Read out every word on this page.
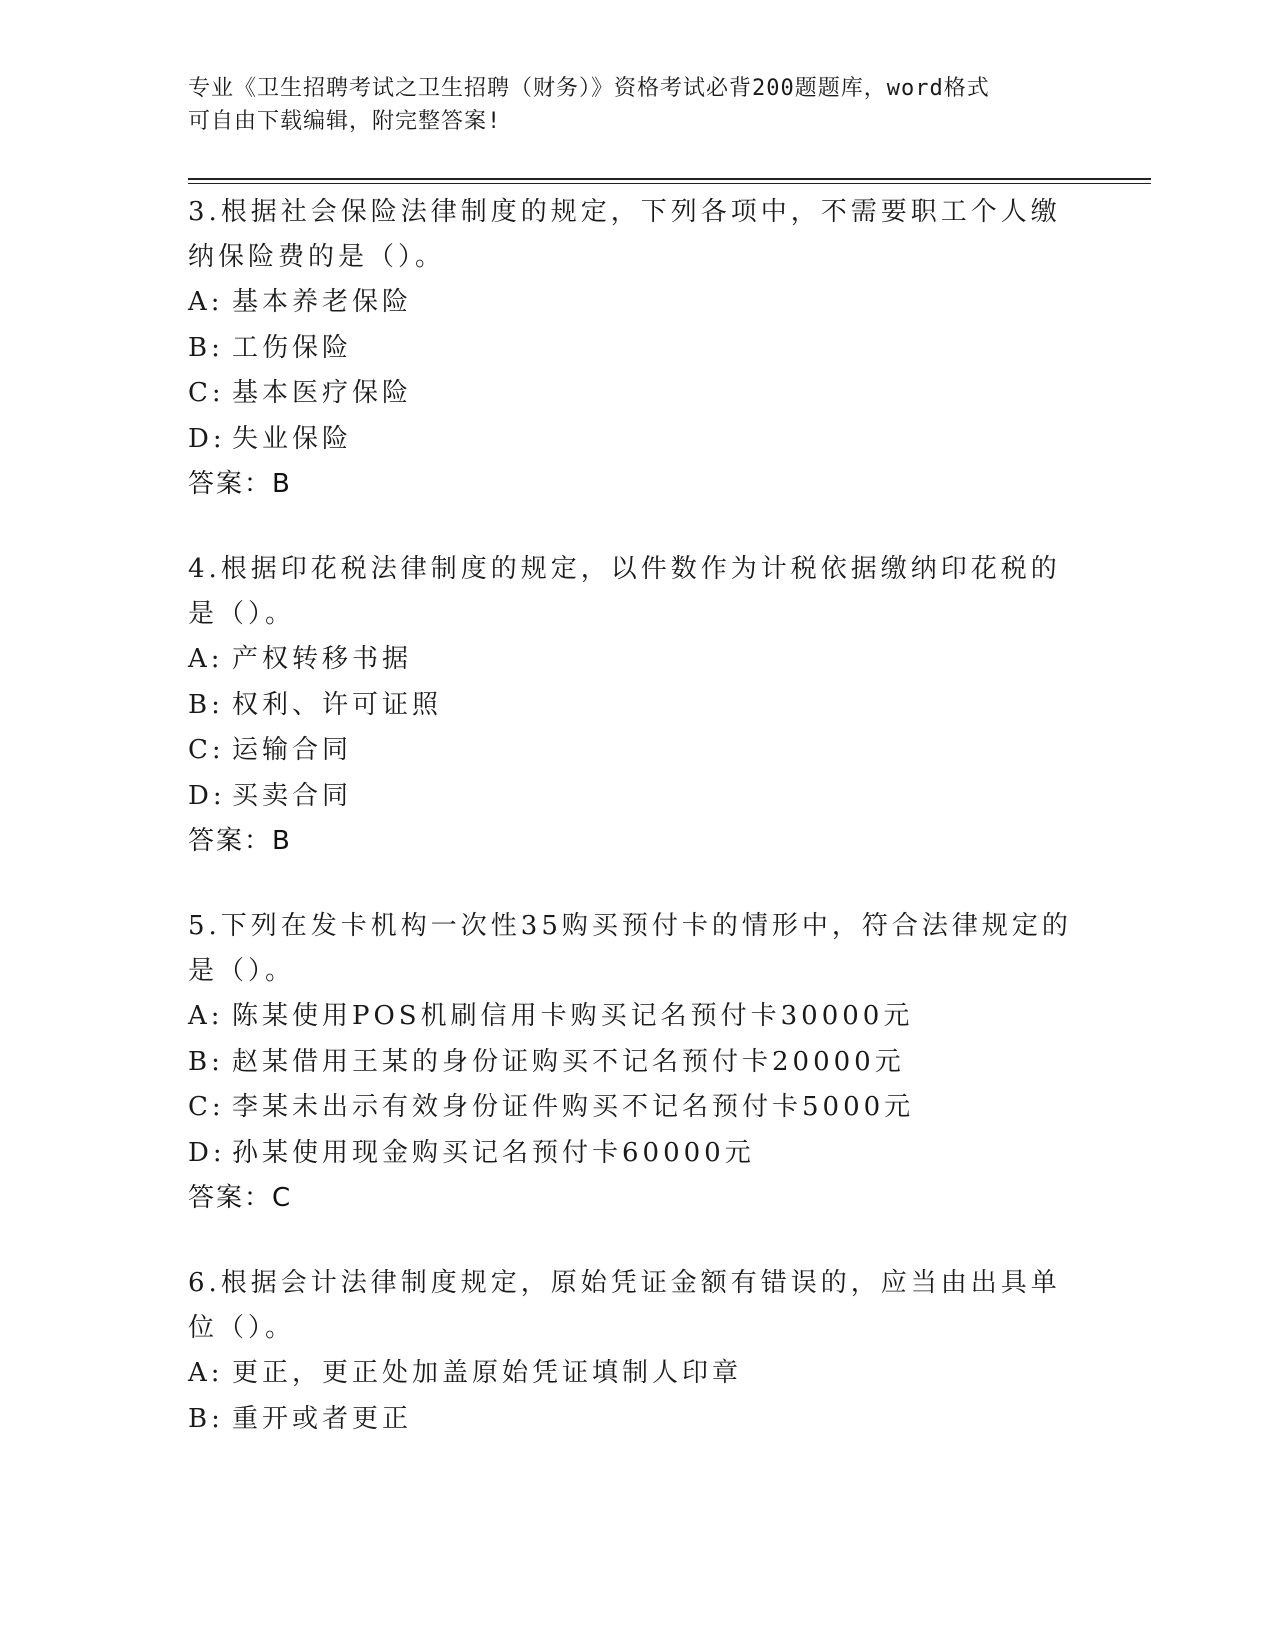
专业《卫生招聘考试之卫生招聘（财务）》资格考试必背200题题库，word格式
可自由下载编辑，附完整答案!

3.根据社会保险法律制度的规定，下列各项中，不需要职工个人缴纳保险费的是（）。

A: 基本养老保险
B: 工伤保险
C: 基本医疗保险
D: 失业保险
答案：B

4.根据印花税法律制度的规定，以件数作为计税依据缴纳印花税的是（）。

A: 产权转移书据
B: 权利、许可证照
C: 运输合同
D: 买卖合同
答案：B

5.下列在发卡机构一次性35购买预付卡的情形中，符合法律规定的是（）。

A: 陈某使用POS机刷信用卡购买记名预付卡30000元
B: 赵某借用王某的身份证购买不记名预付卡20000元
C: 李某未出示有效身份证件购买不记名预付卡5000元
D: 孙某使用现金购买记名预付卡60000元
答案：C

6.根据会计法律制度规定，原始凭证金额有错误的，应当由出具单位（）。

A: 更正，更正处加盖原始凭证填制人印章
B: 重开或者更正
